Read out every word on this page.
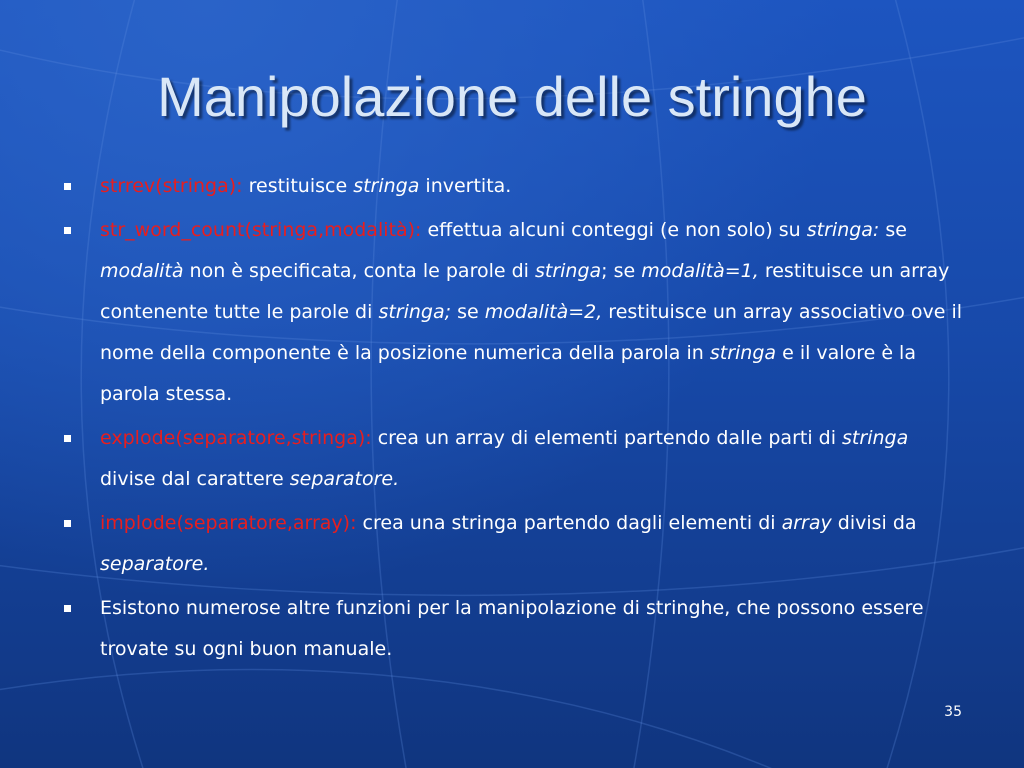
Manipolazione delle stringhe
strrev(stringa): restituisce stringa invertita.
str_word_count(stringa,modalità): effettua alcuni conteggi (e non solo) su stringa: se modalità non è specificata, conta le parole di stringa; se modalità=1, restituisce un array contenente tutte le parole di stringa; se modalità=2, restituisce un array associativo ove il nome della componente è la posizione numerica della parola in stringa e il valore è la parola stessa.
explode(separatore,stringa): crea un array di elementi partendo dalle parti di stringa divise dal carattere separatore.
implode(separatore,array): crea una stringa partendo dagli elementi di array divisi da separatore.
Esistono numerose altre funzioni per la manipolazione di stringhe, che possono essere trovate su ogni buon manuale.
35
